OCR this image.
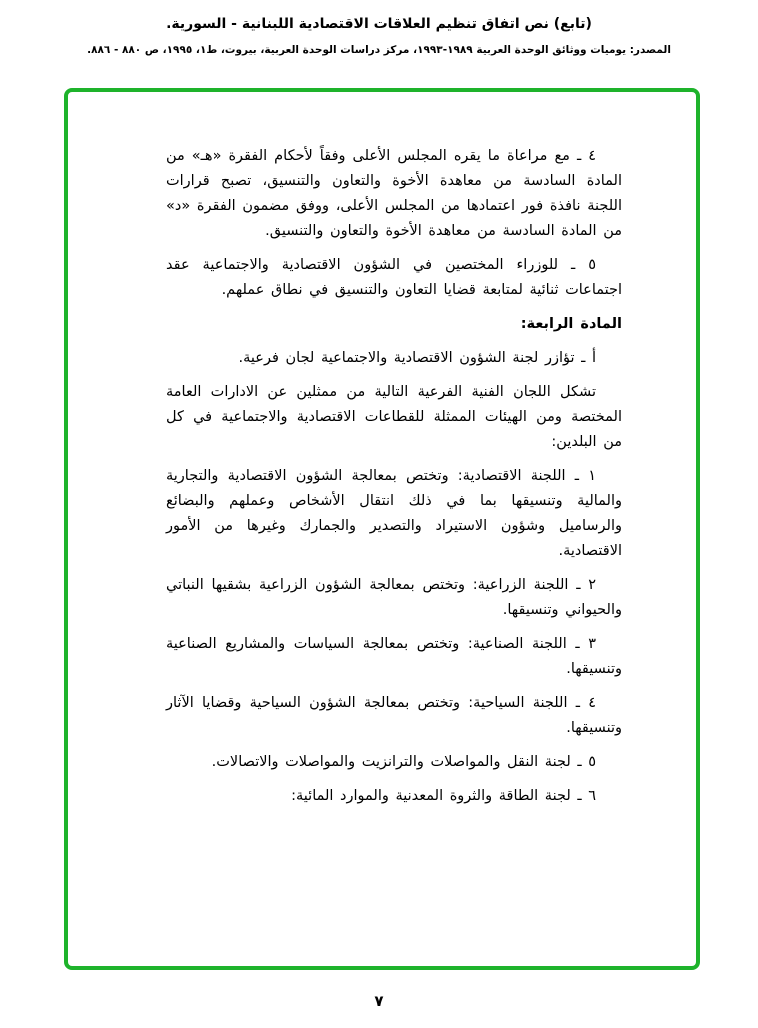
(تابع) نص اتفاق تنظيم العلاقات الاقتصادية اللبنانية - السورية.
المصدر: يوميات ووثائق الوحدة العربية ١٩٨٩-١٩٩٣، مركز دراسات الوحدة العربية، بيروت، ط١، ١٩٩٥، ص ٨٨٠ - ٨٨٦.

٤ ـ مع مراعاة ما يقره المجلس الأعلى وفقاً لأحكام الفقرة «هـ» من المادة السادسة من معاهدة الأخوة والتعاون والتنسيق، تصبح قرارات اللجنة نافذة فور اعتمادها من المجلس الأعلى، ووفق مضمون الفقرة «د» من المادة السادسة من معاهدة الأخوة والتعاون والتنسيق.

٥ ـ للوزراء المختصين في الشؤون الاقتصادية والاجتماعية عقد اجتماعات ثنائية لمتابعة قضايا التعاون والتنسيق في نطاق عملهم.

المادة الرابعة:

أ ـ تؤازر لجنة الشؤون الاقتصادية والاجتماعية لجان فرعية.

تشكل اللجان الفنية الفرعية التالية من ممثلين عن الادارات العامة المختصة ومن الهيئات الممثلة للقطاعات الاقتصادية والاجتماعية في كل من البلدين:

١ ـ اللجنة الاقتصادية: وتختص بمعالجة الشؤون الاقتصادية والتجارية والمالية وتنسيقها بما في ذلك انتقال الأشخاص وعملهم والبضائع والرساميل وشؤون الاستيراد والتصدير والجمارك وغيرها من الأمور الاقتصادية.

٢ ـ اللجنة الزراعية: وتختص بمعالجة الشؤون الزراعية بشقيها النباتي والحيواني وتنسيقها.

٣ ـ اللجنة الصناعية: وتختص بمعالجة السياسات والمشاريع الصناعية وتنسيقها.

٤ ـ اللجنة السياحية: وتختص بمعالجة الشؤون السياحية وقضايا الآثار وتنسيقها.

٥ ـ لجنة النقل والمواصلات والترانزيت والمواصلات والاتصالات.

٦ ـ لجنة الطاقة والثروة المعدنية والموارد المائية:

٧
